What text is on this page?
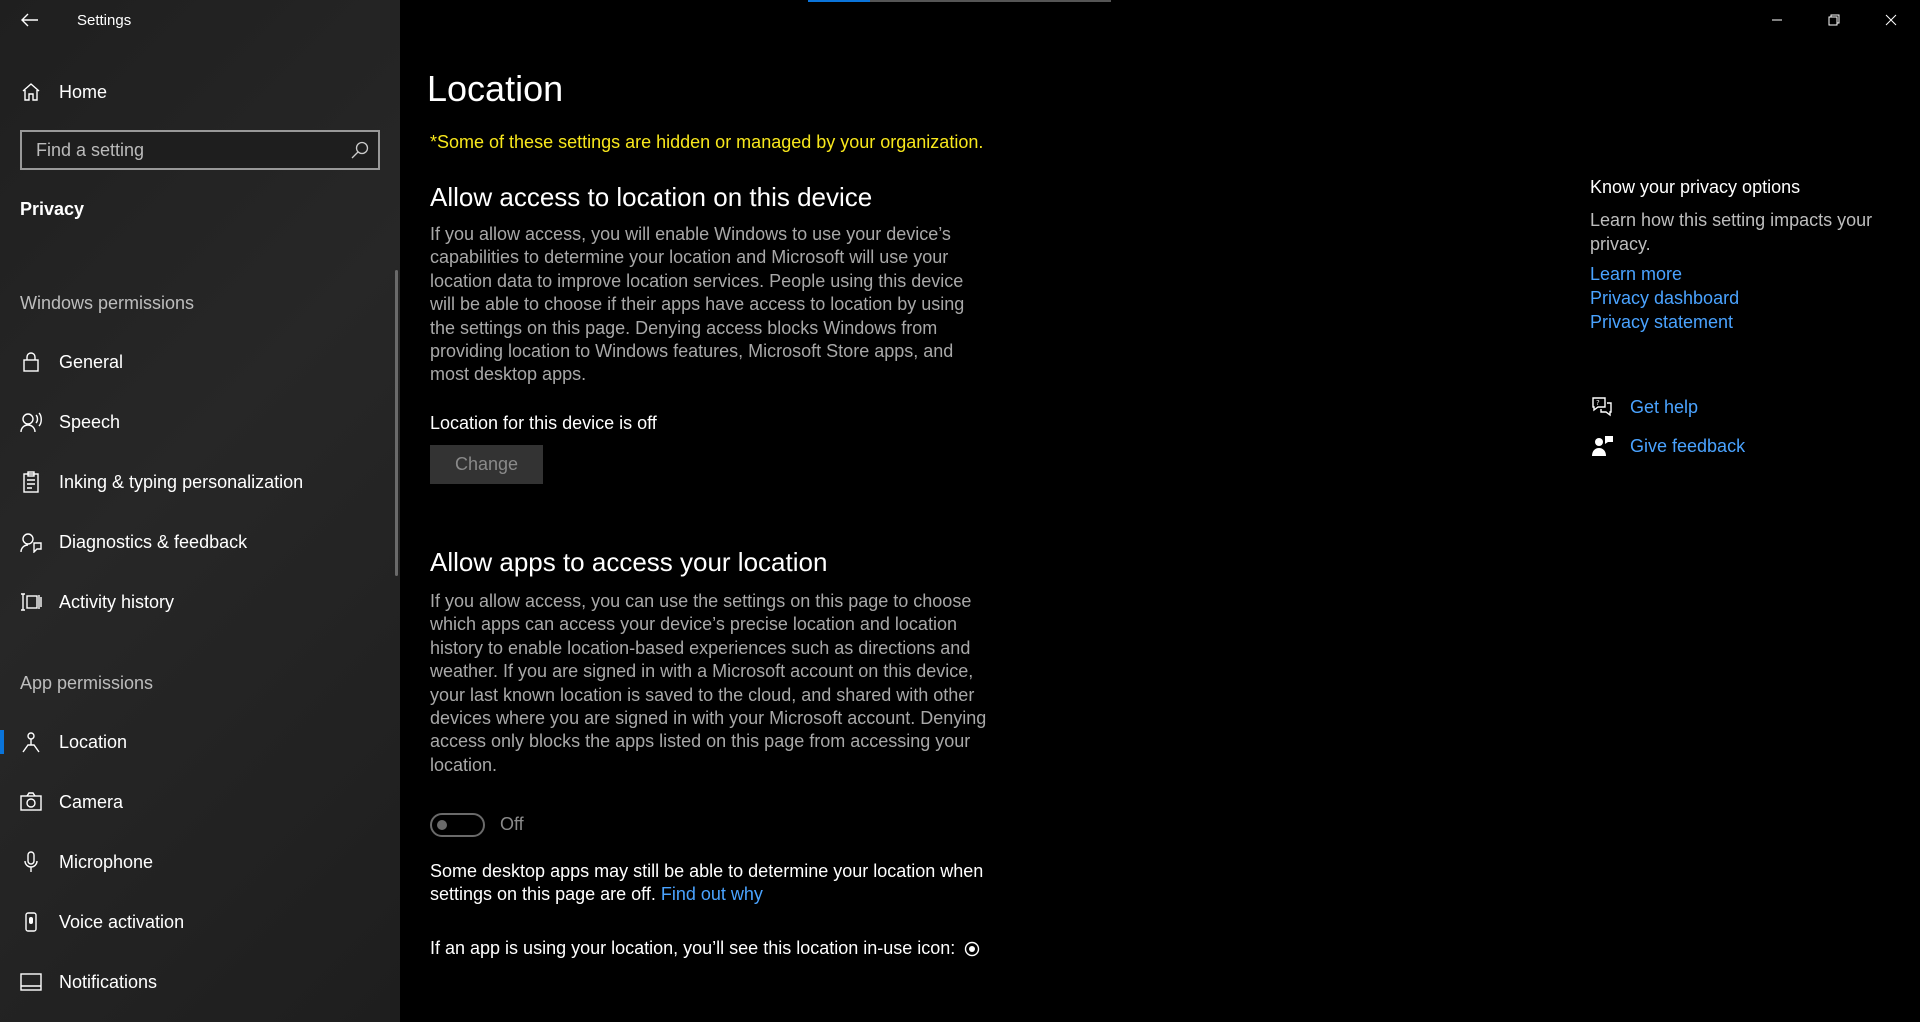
Settings
Home
Find a setting
Privacy
Windows permissions
General
Speech
Inking & typing personalization
Diagnostics & feedback
Activity history
App permissions
Location
Camera
Microphone
Voice activation
Notifications
Location
*Some of these settings are hidden or managed by your organization.
Allow access to location on this device
If you allow access, you will enable Windows to use your device’s capabilities to determine your location and Microsoft will use your location data to improve location services. People using this device will be able to choose if their apps have access to location by using the settings on this page. Denying access blocks Windows from providing location to Windows features, Microsoft Store apps, and most desktop apps.
Location for this device is off
Change
Allow apps to access your location
If you allow access, you can use the settings on this page to choose which apps can access your device’s precise location and location history to enable location-based experiences such as directions and weather. If you are signed in with a Microsoft account on this device, your last known location is saved to the cloud, and shared with other devices where you are signed in with your Microsoft account. Denying access only blocks the apps listed on this page from accessing your location.
Off
Some desktop apps may still be able to determine your location when settings on this page are off. Find out why
If an app is using your location, you’ll see this location in-use icon:
Know your privacy options
Learn how this setting impacts your privacy.
Learn more
Privacy dashboard
Privacy statement
? Get help
Give feedback
